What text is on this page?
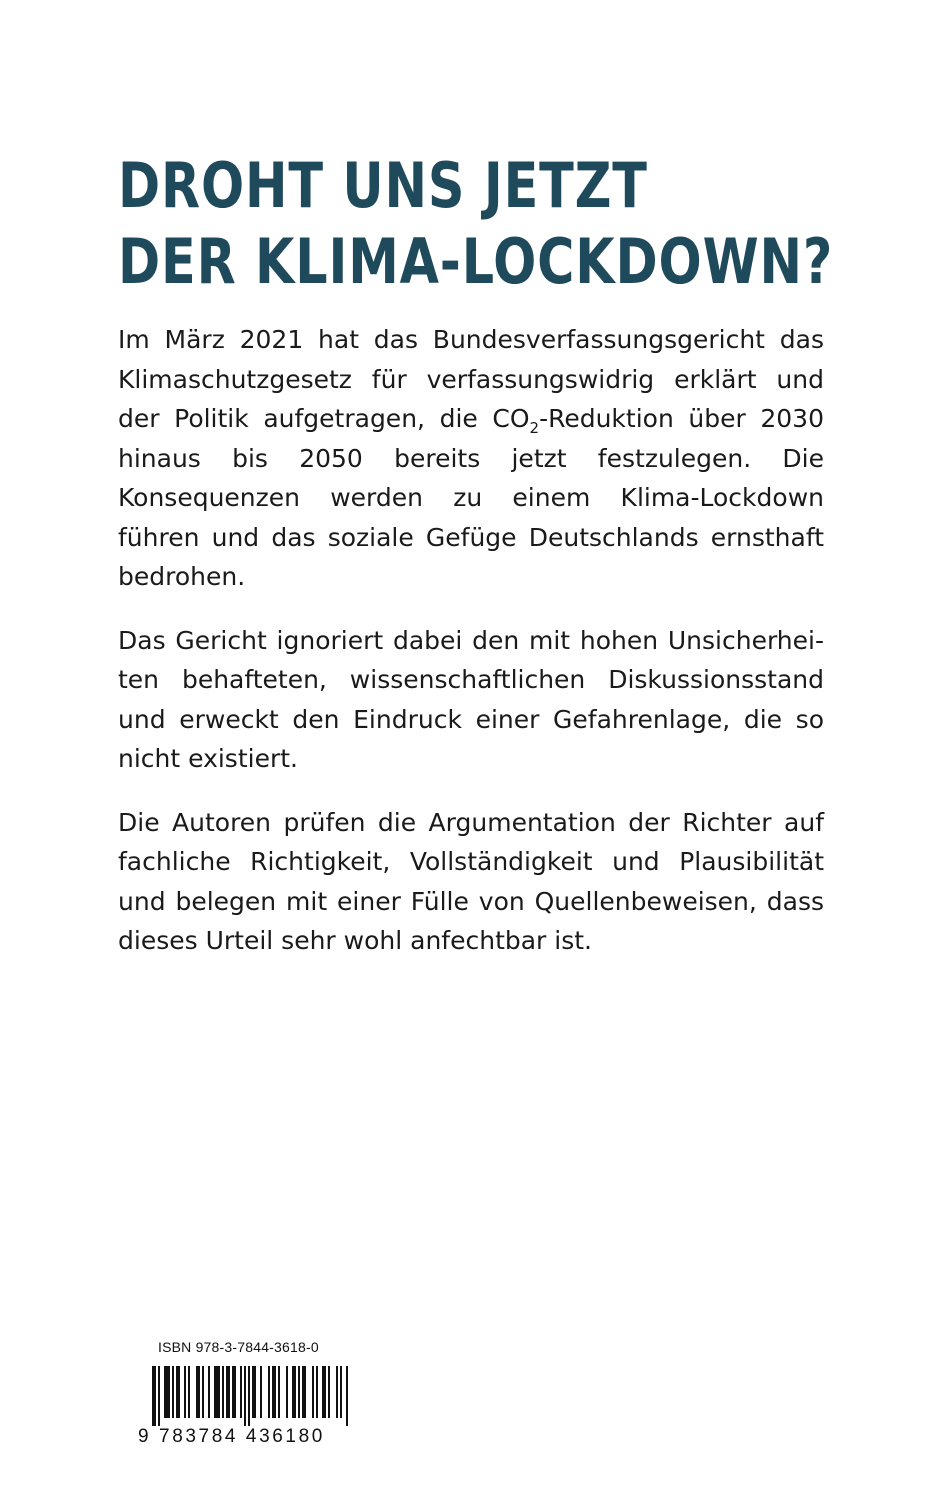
DROHT UNS JETZT
DER KLIMA-LOCKDOWN?

Im März 2021 hat das Bundesverfassungsgericht das Klimaschutzgesetz für verfassungswidrig erklärt und der Politik aufgetragen, die $CO_2$-Reduktion über 2030 hinaus bis 2050 bereits jetzt festzulegen. Die Konsequenzen werden zu einem Klima-Lockdown führen und das soziale Gefüge Deutschlands ernsthaft bedrohen.

Das Gericht ignoriert dabei den mit hohen Unsicherheiten behafteten, wissenschaftlichen Diskussionsstand und erweckt den Eindruck einer Gefahrenlage, die so nicht existiert.

Die Autoren prüfen die Argumentation der Richter auf fachliche Richtigkeit, Vollständigkeit und Plausibilität und belegen mit einer Fülle von Quellenbeweisen, dass dieses Urteil sehr wohl anfechtbar ist.

ISBN 978-3-7844-3618-0
9 783784 436180
